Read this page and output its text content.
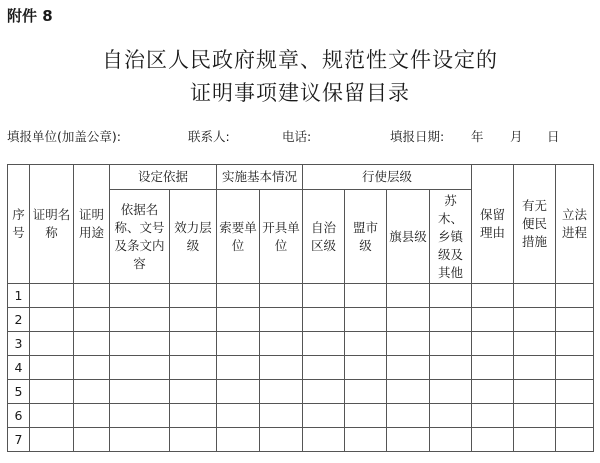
附件 8
自治区人民政府规章、规范性文件设定的
证明事项建议保留目录
填报单位(加盖公章):	联系人:	电话:	填报日期: 年 月 日
序号	证明名称	证明用途	设定依据		实施基本情况		行使层级				保留理由	有无便民措施	立法进程
			依据名称、文号及条文内容	效力层级	索要单位	开具单位	自治区级	盟市级	旗县级	苏木、乡镇级及其他			
1													
2													
3													
4													
5													
6													
7													
